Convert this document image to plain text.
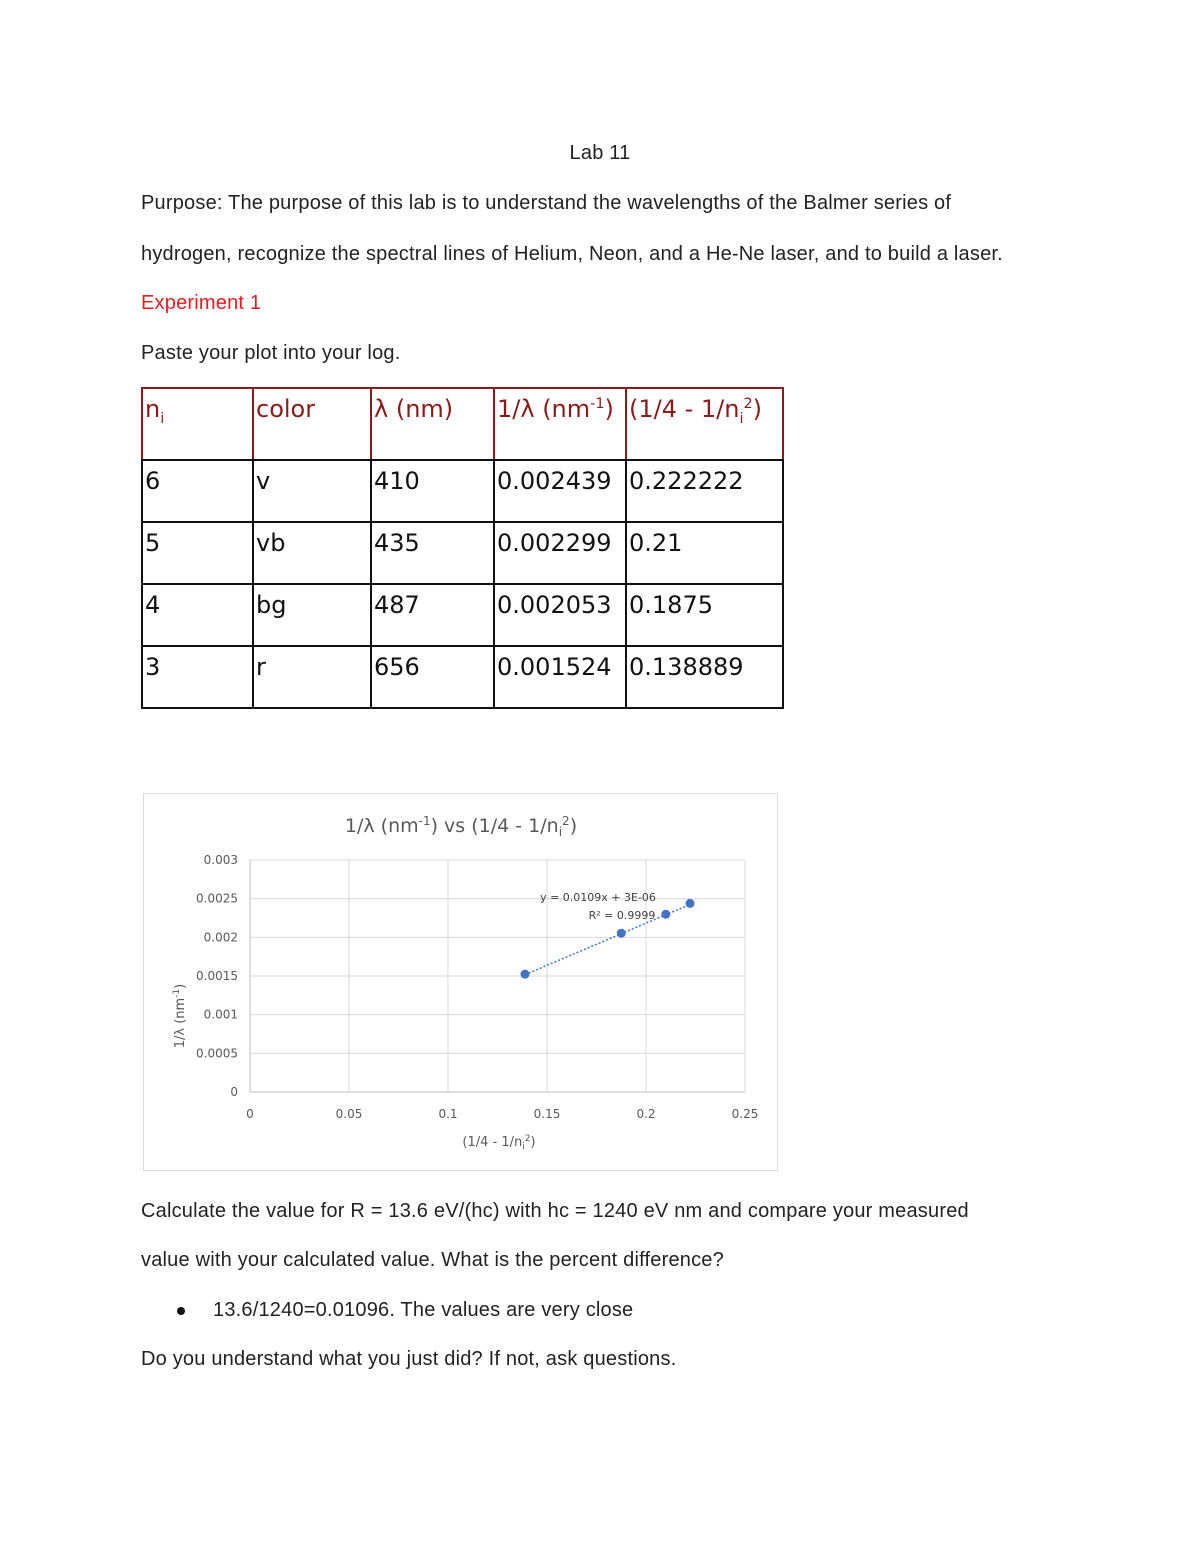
Lab 11
Purpose: The purpose of this lab is to understand the wavelengths of the Balmer series of
hydrogen, recognize the spectral lines of Helium, Neon, and a He-Ne laser, and to build a laser.
Experiment 1
Paste your plot into your log.
$n_i$	color	λ (nm)	1/λ $(nm^{-1})$	$(1/4 - 1/n_i^2)$
6	v	410	0.002439	0.222222
5	vb	435	0.002299	0.21
4	bg	487	0.002053	0.1875
3	r	656	0.001524	0.138889
1/λ $(nm^{-1})$ vs $(1/4 - 1/n_i^2)$
0
0.0005
0.001
0.0015
0.002
0.0025
0.003
0	0.05	0.1	0.15	0.2	0.25
1/λ $(nm^{-1})$
$(1/4 - 1/n_i^2)$
y = 0.0109x + 3E-06
R² = 0.9999
Calculate the value for R = 13.6 eV/(hc) with hc = 1240 eV nm and compare your measured
value with your calculated value. What is the percent difference?
13.6/1240=0.01096. The values are very close
Do you understand what you just did? If not, ask questions.
